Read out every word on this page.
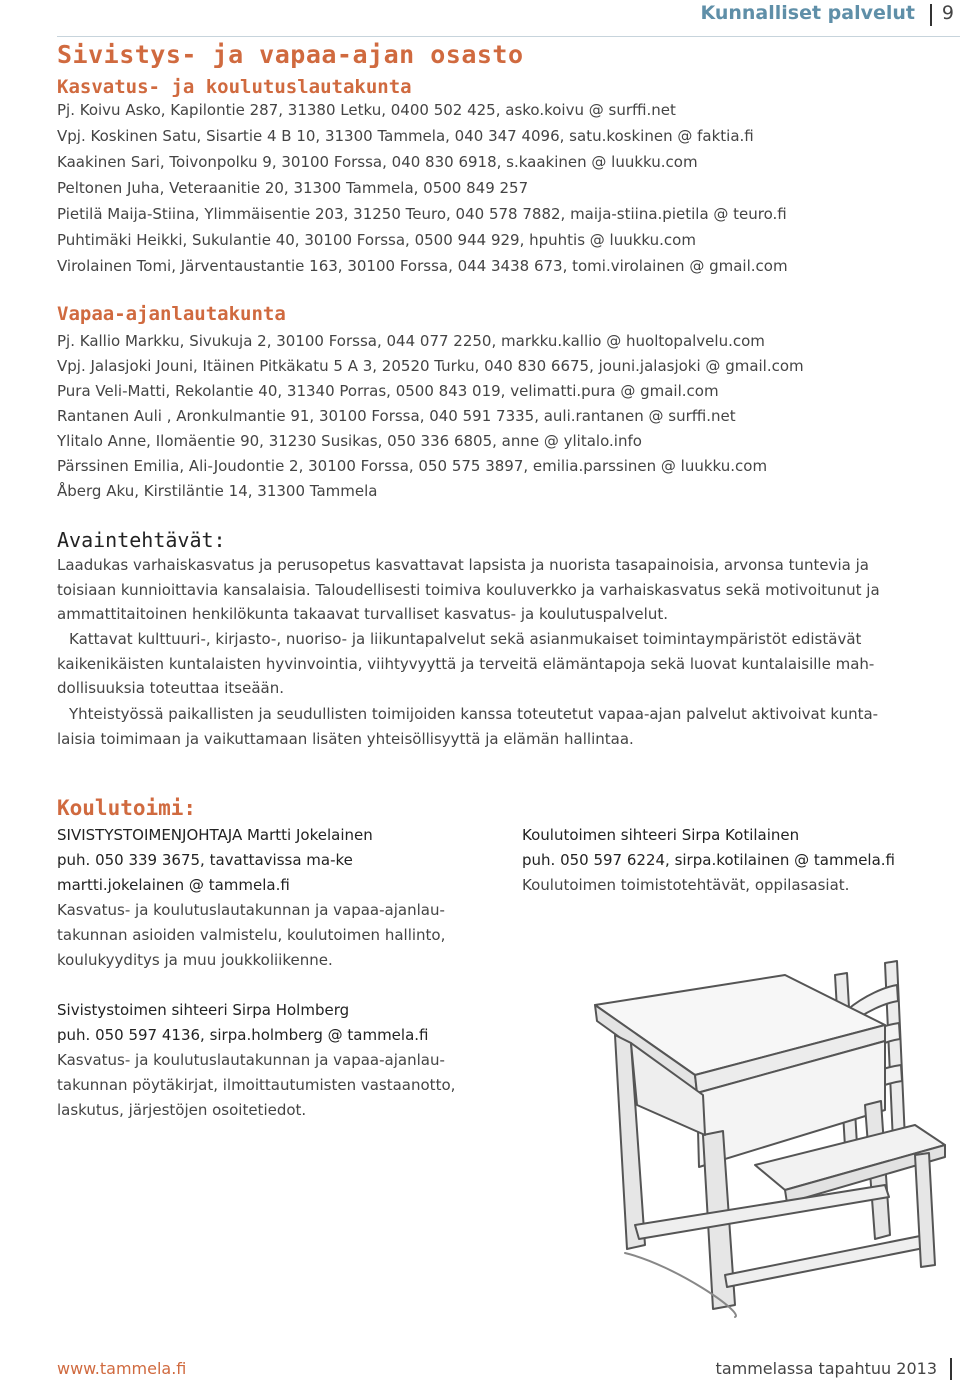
Kunnalliset palvelut 9
Sivistys- ja vapaa-ajan osasto
Kasvatus- ja koulutuslautakunta
Pj. Koivu Asko, Kapilontie 287, 31380 Letku, 0400 502 425, asko.koivu @ surffi.net
Vpj. Koskinen Satu, Sisartie 4 B 10, 31300 Tammela, 040 347 4096, satu.koskinen @ faktia.fi
Kaakinen Sari, Toivonpolku 9, 30100 Forssa, 040 830 6918, s.kaakinen @ luukku.com
Peltonen Juha, Veteraanitie 20, 31300 Tammela, 0500 849 257
Pietilä Maija-Stiina, Ylimmäisentie 203, 31250 Teuro, 040 578 7882, maija-stiina.pietila @ teuro.fi
Puhtimäki Heikki, Sukulantie 40, 30100 Forssa, 0500 944 929, hpuhtis @ luukku.com
Virolainen Tomi, Järventaustantie 163, 30100 Forssa, 044 3438 673, tomi.virolainen @ gmail.com
Vapaa-ajanlautakunta
Pj. Kallio Markku, Sivukuja 2, 30100 Forssa, 044 077 2250, markku.kallio @ huoltopalvelu.com
Vpj. Jalasjoki Jouni, Itäinen Pitkäkatu 5 A 3, 20520 Turku, 040 830 6675, jouni.jalasjoki @ gmail.com
Pura Veli-Matti, Rekolantie 40, 31340 Porras, 0500 843 019, velimatti.pura @ gmail.com
Rantanen Auli , Aronkulmantie 91, 30100 Forssa, 040 591 7335, auli.rantanen @ surffi.net
Ylitalo Anne, Ilomäentie 90, 31230 Susikas, 050 336 6805, anne @ ylitalo.info
Pärssinen Emilia, Ali-Joudontie 2, 30100 Forssa, 050 575 3897, emilia.parssinen @ luukku.com
Åberg Aku, Kirstiläntie 14, 31300 Tammela
Avaintehtävät:
Laadukas varhaiskasvatus ja perusopetus kasvattavat lapsista ja nuorista tasapainoisia, arvonsa tuntevia ja
toisiaan kunnioittavia kansalaisia. Taloudellisesti toimiva kouluverkko ja varhaiskasvatus sekä motivoitunut ja
ammattitaitoinen henkilökunta takaavat turvalliset kasvatus- ja koulutuspalvelut.
Kattavat kulttuuri-, kirjasto-, nuoriso- ja liikuntapalvelut sekä asianmukaiset toimintaympäristöt edistävät
kaikenikäisten kuntalaisten hyvinvointia, viihtyvyyttä ja terveitä elämäntapoja sekä luovat kuntalaisille mah-
dollisuuksia toteuttaa itseään.
Yhteistyössä paikallisten ja seudullisten toimijoiden kanssa toteutetut vapaa-ajan palvelut aktivoivat kunta-
laisia toimimaan ja vaikuttamaan lisäten yhteisöllisyyttä ja elämän hallintaa.
Koulutoimi:
SIVISTYSTOIMENJOHTAJA Martti Jokelainen
puh. 050 339 3675, tavattavissa ma-ke
martti.jokelainen @ tammela.fi
Kasvatus- ja koulutuslautakunnan ja vapaa-ajanlau-
takunnan asioiden valmistelu, koulutoimen hallinto,
koulukyyditys ja muu joukkoliikenne.
Sivistystoimen sihteeri Sirpa Holmberg
puh. 050 597 4136, sirpa.holmberg @ tammela.fi
Kasvatus- ja koulutuslautakunnan ja vapaa-ajanlau-
takunnan pöytäkirjat, ilmoittautumisten vastaanotto,
laskutus, järjestöjen osoitetiedot.
Koulutoimen sihteeri Sirpa Kotilainen
puh. 050 597 6224, sirpa.kotilainen @ tammela.fi
Koulutoimen toimistotehtävät, oppilasasiat.
www.tammela.fi	tammelassa tapahtuu 2013
